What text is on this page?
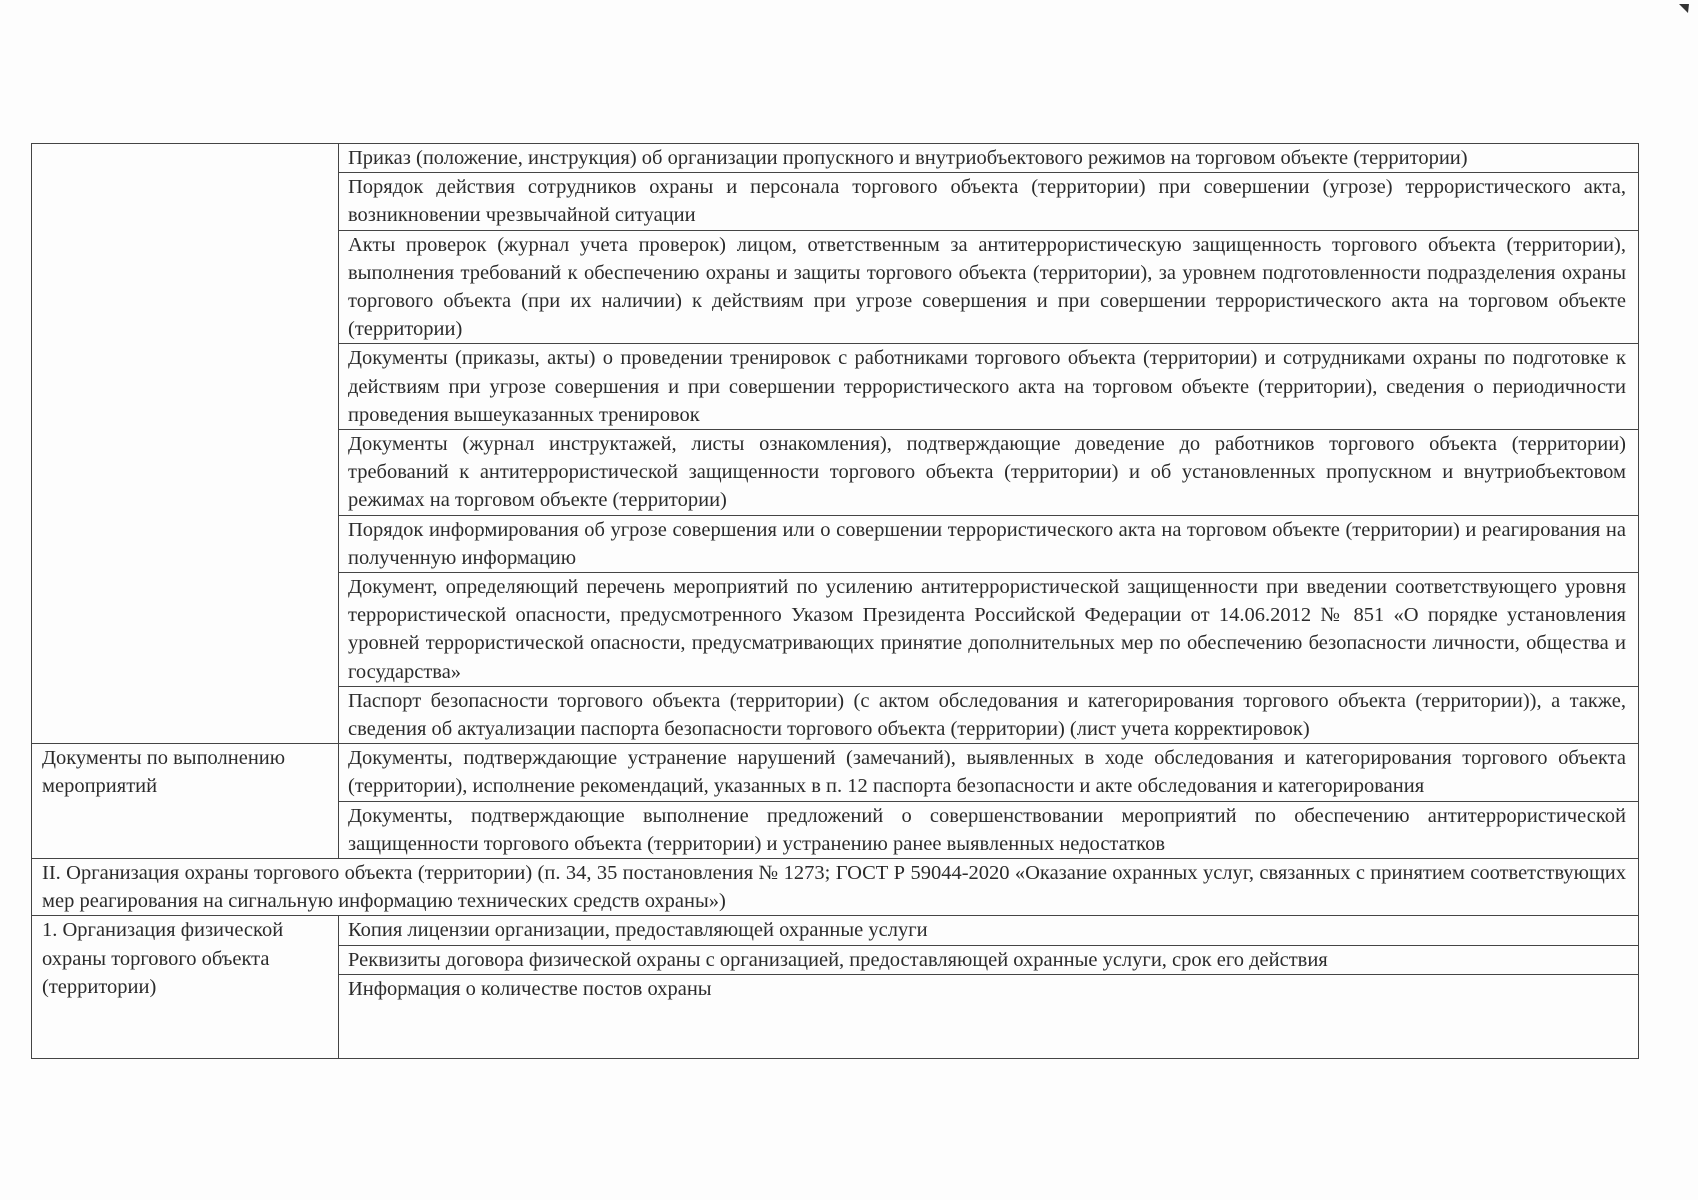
	Приказ (положение, инструкция) об организации пропускного и внутриобъектового режимов на торговом объекте (территории)
	Порядок действия сотрудников охраны и персонала торгового объекта (территории) при совершении (угрозе) террористического акта, возникновении чрезвычайной ситуации
	Акты проверок (журнал учета проверок) лицом, ответственным за антитеррористическую защищенность торгового объекта (территории), выполнения требований к обеспечению охраны и защиты торгового объекта (территории), за уровнем подготовленности подразделения охраны торгового объекта (при их наличии) к действиям при угрозе совершения и при совершении террористического акта на торговом объекте (территории)
	Документы (приказы, акты) о проведении тренировок с работниками торгового объекта (территории) и сотрудниками охраны по подготовке к действиям при угрозе совершения и при совершении террористического акта на торговом объекте (территории), сведения о периодичности проведения вышеуказанных тренировок
	Документы (журнал инструктажей, листы ознакомления), подтверждающие доведение до работников торгового объекта (территории) требований к антитеррористической защищенности торгового объекта (территории) и об установленных пропускном и внутриобъектовом режимах на торговом объекте (территории)
	Порядок информирования об угрозе совершения или о совершении террористического акта на торговом объекте (территории) и реагирования на полученную информацию
	Документ, определяющий перечень мероприятий по усилению антитеррористической защищенности при введении соответствующего уровня террористической опасности, предусмотренного Указом Президента Российской Федерации от 14.06.2012 № 851 «О порядке установления уровней террористической опасности, предусматривающих принятие дополнительных мер по обеспечению безопасности личности, общества и государства»
	Паспорт безопасности торгового объекта (территории) (с актом обследования и категорирования торгового объекта (территории)), а также, сведения об актуализации паспорта безопасности торгового объекта (территории) (лист учета корректировок)
Документы по выполнению мероприятий	Документы, подтверждающие устранение нарушений (замечаний), выявленных в ходе обследования и категорирования торгового объекта (территории), исполнение рекомендаций, указанных в п. 12 паспорта безопасности и акте обследования и категорирования
	Документы, подтверждающие выполнение предложений о совершенствовании мероприятий по обеспечению антитеррористической защищенности торгового объекта (территории) и устранению ранее выявленных недостатков
II. Организация охраны торгового объекта (территории) (п. 34, 35 постановления № 1273; ГОСТ Р 59044-2020 «Оказание охранных услуг, связанных с принятием соответствующих мер реагирования на сигнальную информацию технических средств охраны»)	
1. Организация физической охраны торгового объекта (территории)	Копия лицензии организации, предоставляющей охранные услуги
	Реквизиты договора физической охраны с организацией, предоставляющей охранные услуги, срок его действия
	Информация о количестве постов охраны
